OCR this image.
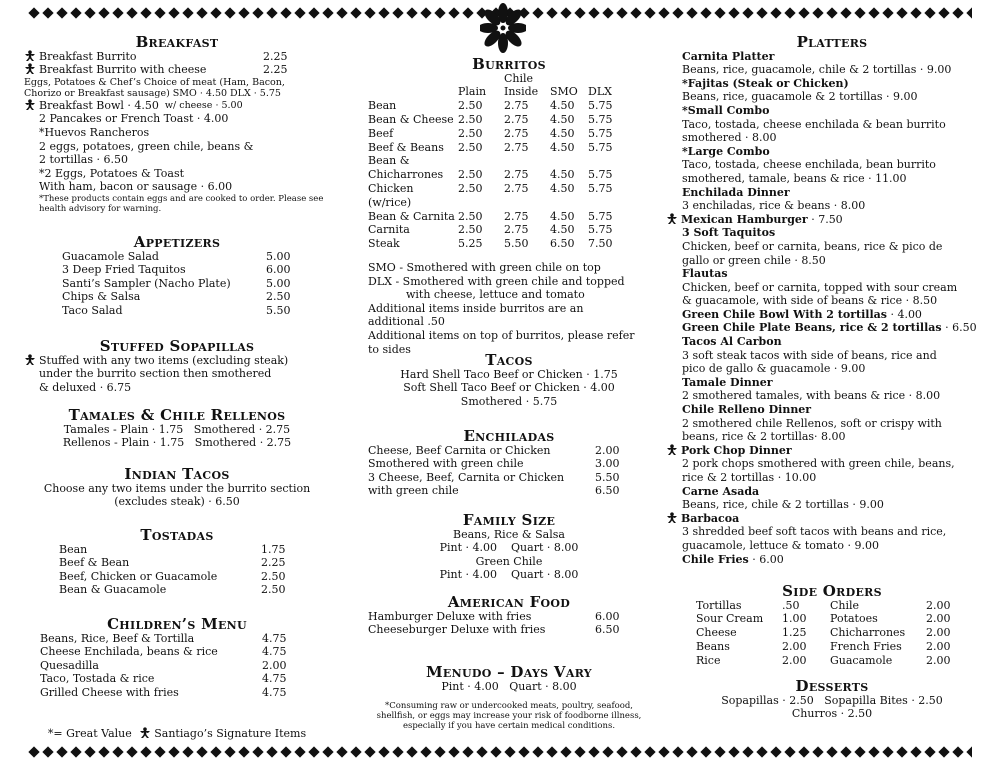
Breakfast
Breakfast Burrito	2.25
Breakfast Burrito with cheese	2.25
Eggs, Potatoes & Chef’s Choice of meat (Ham, Bacon,
Chorizo or Breakfast sausage) SMO · 4.50 DLX · 5.75
Breakfast Bowl · 4.50 w/ cheese · 5.00
2 Pancakes or French Toast · 4.00
*Huevos Rancheros
2 eggs, potatoes, green chile, beans &
2 tortillas · 6.50
*2 Eggs, Potatoes & Toast
With ham, bacon or sausage · 6.00
*These products contain eggs and are cooked to order. Please see
health advisory for warning.
Appetizers
Guacamole Salad	5.00
3 Deep Fried Taquitos	6.00
Santi’s Sampler (Nacho Plate)	5.00
Chips & Salsa	2.50
Taco Salad	5.50
Stuffed Sopapillas
Stuffed with any two items (excluding steak)
under the burrito section then smothered
& deluxed · 6.75
Tamales & Chile Rellenos
Tamales - Plain · 1.75 Smothered · 2.75
Rellenos - Plain · 1.75 Smothered · 2.75
Indian Tacos
Choose any two items under the burrito section
(excludes steak) · 6.50
Tostadas
Bean	1.75
Beef & Bean	2.25
Beef, Chicken or Guacamole	2.50
Bean & Guacamole	2.50
Children’s Menu
Beans, Rice, Beef & Tortilla	4.75
Cheese Enchilada, beans & rice	4.75
Quesadilla	2.00
Taco, Tostada & rice	4.75
Grilled Cheese with fries	4.75
*= Great Value Santiago’s Signature Items
Burritos
		Chile		
	Plain	Inside	SMO	DLX
Bean	2.50	2.75	4.50	5.75
Bean & Cheese	2.50	2.75	4.50	5.75
Beef	2.50	2.75	4.50	5.75
Beef & Beans	2.50	2.75	4.50	5.75
Bean &				
Chicharrones	2.50	2.75	4.50	5.75
Chicken (w/rice)	2.50	2.75	4.50	5.75
Bean & Carnita	2.50	2.75	4.50	5.75
Carnita	2.50	2.75	4.50	5.75
Steak	5.25	5.50	6.50	7.50
SMO - Smothered with green chile on top
DLX - Smothered with green chile and topped
with cheese, lettuce and tomato
Additional items inside burritos are an
additional .50
Additional items on top of burritos, please refer
to sides
Tacos
Hard Shell Taco Beef or Chicken · 1.75
Soft Shell Taco Beef or Chicken · 4.00
Smothered · 5.75
Enchiladas
Cheese, Beef Carnita or Chicken	2.00
Smothered with green chile	3.00
3 Cheese, Beef, Carnita or Chicken	5.50
with green chile	6.50
Family Size
Beans, Rice & Salsa
Pint · 4.00 Quart · 8.00
Green Chile
Pint · 4.00 Quart · 8.00
American Food
Hamburger Deluxe with fries	6.00
Cheeseburger Deluxe with fries	6.50
Menudo – Days Vary
Pint · 4.00 Quart · 8.00
*Consuming raw or undercooked meats, poultry, seafood,
shellfish, or eggs may increase your risk of foodborne illness,
especially if you have certain medical conditions.
Platters
Carnita Platter
Beans, rice, guacamole, chile & 2 tortillas · 9.00
*Fajitas (Steak or Chicken)
Beans, rice, guacamole & 2 tortillas · 9.00
*Small Combo
Taco, tostada, cheese enchilada & bean burrito
smothered · 8.00
*Large Combo
Taco, tostada, cheese enchilada, bean burrito
smothered, tamale, beans & rice · 11.00
Enchilada Dinner
3 enchiladas, rice & beans · 8.00
Mexican Hamburger · 7.50
3 Soft Taquitos
Chicken, beef or carnita, beans, rice & pico de
gallo or green chile · 8.50
Flautas
Chicken, beef or carnita, topped with sour cream
& guacamole, with side of beans & rice · 8.50
Green Chile Bowl With 2 tortillas · 4.00
Green Chile Plate Beans, rice & 2 tortillas · 6.50
Tacos Al Carbon
3 soft steak tacos with side of beans, rice and
pico de gallo & guacamole · 9.00
Tamale Dinner
2 smothered tamales, with beans & rice · 8.00
Chile Relleno Dinner
2 smothered chile Rellenos, soft or crispy with
beans, rice & 2 tortillas· 8.00
Pork Chop Dinner
2 pork chops smothered with green chile, beans,
rice & 2 tortillas · 10.00
Carne Asada
Beans, rice, chile & 2 tortillas · 9.00
Barbacoa
3 shredded beef soft tacos with beans and rice,
guacamole, lettuce & tomato · 9.00
Chile Fries · 6.00
Side Orders
Tortillas	.50	Chile	2.00
Sour Cream	1.00	Potatoes	2.00
Cheese	1.25	Chicharrones	2.00
Beans	2.00	French Fries	2.00
Rice	2.00	Guacamole	2.00
Desserts
Sopapillas · 2.50 Sopapilla Bites · 2.50
Churros · 2.50
